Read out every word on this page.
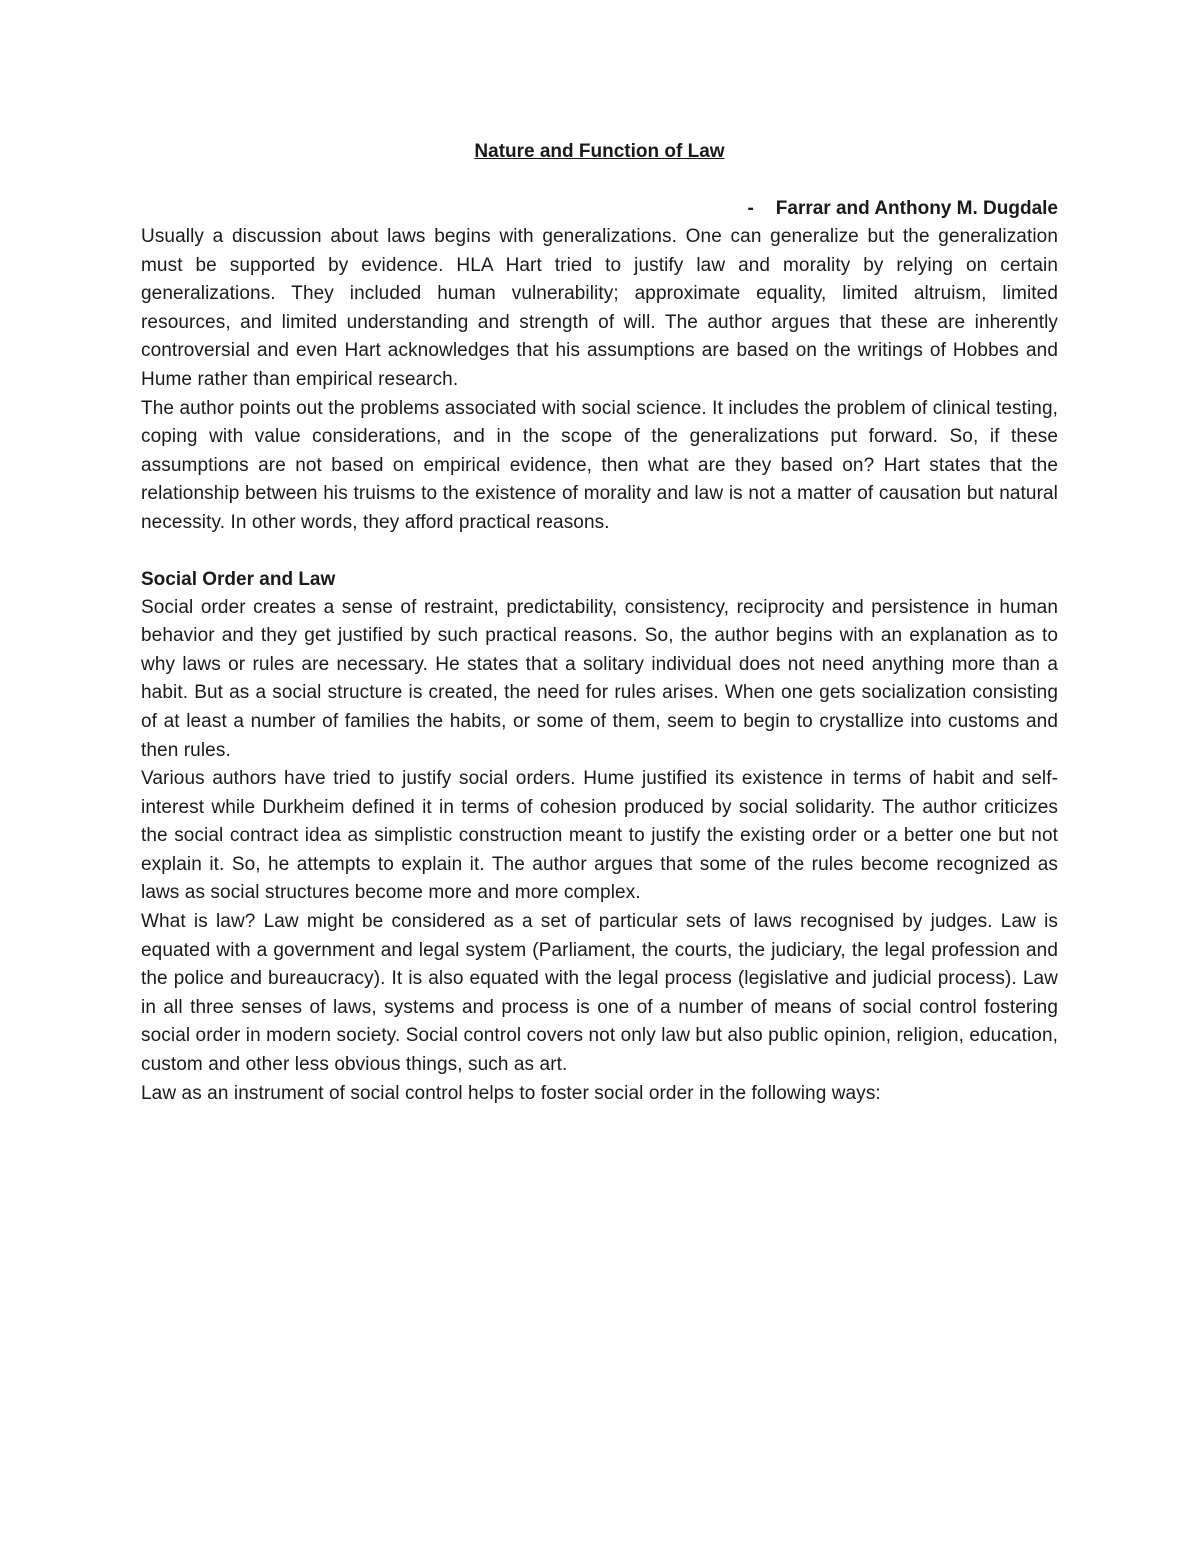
Nature and Function of Law
- Farrar and Anthony M. Dugdale

Usually a discussion about laws begins with generalizations. One can generalize but the generalization must be supported by evidence. HLA Hart tried to justify law and morality by relying on certain generalizations. They included human vulnerability; approximate equality, limited altruism, limited resources, and limited understanding and strength of will. The author argues that these are inherently controversial and even Hart acknowledges that his assumptions are based on the writings of Hobbes and Hume rather than empirical research.

The author points out the problems associated with social science. It includes the problem of clinical testing, coping with value considerations, and in the scope of the generalizations put forward. So, if these assumptions are not based on empirical evidence, then what are they based on? Hart states that the relationship between his truisms to the existence of morality and law is not a matter of causation but natural necessity. In other words, they afford practical reasons.

Social Order and Law

Social order creates a sense of restraint, predictability, consistency, reciprocity and persistence in human behavior and they get justified by such practical reasons. So, the author begins with an explanation as to why laws or rules are necessary. He states that a solitary individual does not need anything more than a habit. But as a social structure is created, the need for rules arises. When one gets socialization consisting of at least a number of families the habits, or some of them, seem to begin to crystallize into customs and then rules.

Various authors have tried to justify social orders. Hume justified its existence in terms of habit and self-interest while Durkheim defined it in terms of cohesion produced by social solidarity. The author criticizes the social contract idea as simplistic construction meant to justify the existing order or a better one but not explain it. So, he attempts to explain it. The author argues that some of the rules become recognized as laws as social structures become more and more complex.

What is law? Law might be considered as a set of particular sets of laws recognised by judges. Law is equated with a government and legal system (Parliament, the courts, the judiciary, the legal profession and the police and bureaucracy). It is also equated with the legal process (legislative and judicial process). Law in all three senses of laws, systems and process is one of a number of means of social control fostering social order in modern society. Social control covers not only law but also public opinion, religion, education, custom and other less obvious things, such as art.

Law as an instrument of social control helps to foster social order in the following ways:
